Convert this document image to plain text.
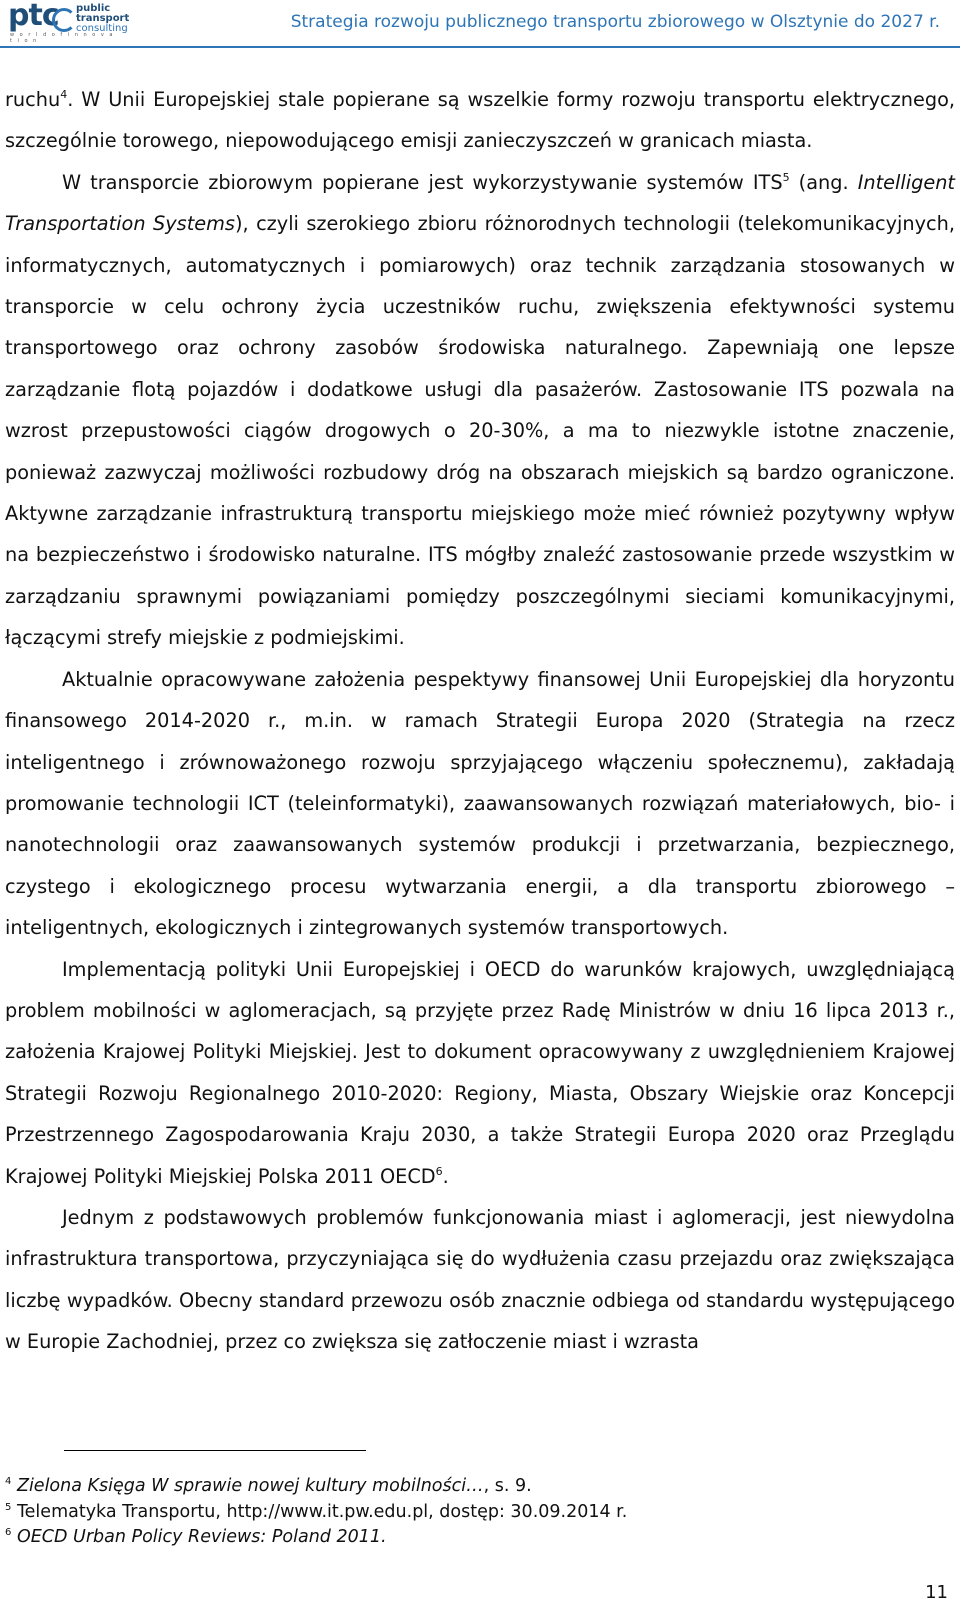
ptc public
transport
consulting
w o r l d o f i n n o v a t i o n
Strategia rozwoju publicznego transportu zbiorowego w Olsztynie do 2027 r.

ruchu$^4$. W Unii Europejskiej stale popierane są wszelkie formy rozwoju transportu elektrycznego, szczególnie torowego, niepowodującego emisji zanieczyszczeń w granicach miasta.

W transporcie zbiorowym popierane jest wykorzystywanie systemów ITS$^5$ (ang. Intelligent Transportation Systems), czyli szerokiego zbioru różnorodnych technologii (telekomunikacyjnych, informatycznych, automatycznych i pomiarowych) oraz technik zarządzania stosowanych w transporcie w celu ochrony życia uczestników ruchu, zwiększenia efektywności systemu transportowego oraz ochrony zasobów środowiska naturalnego. Zapewniają one lepsze zarządzanie flotą pojazdów i dodatkowe usługi dla pasażerów. Zastosowanie ITS pozwala na wzrost przepustowości ciągów drogowych o 20-30%, a ma to niezwykle istotne znaczenie, ponieważ zazwyczaj możliwości rozbudowy dróg na obszarach miejskich są bardzo ograniczone. Aktywne zarządzanie infrastrukturą transportu miejskiego może mieć również pozytywny wpływ na bezpieczeństwo i środowisko naturalne. ITS mógłby znaleźć zastosowanie przede wszystkim w zarządzaniu sprawnymi powiązaniami pomiędzy poszczególnymi sieciami komunikacyjnymi, łączącymi strefy miejskie z podmiejskimi.

Aktualnie opracowywane założenia pespektywy finansowej Unii Europejskiej dla horyzontu finansowego 2014-2020 r., m.in. w ramach Strategii Europa 2020 (Strategia na rzecz inteligentnego i zrównoważonego rozwoju sprzyjającego włączeniu społecznemu), zakładają promowanie technologii ICT (teleinformatyki), zaawansowanych rozwiązań materiałowych, bio- i nanotechnologii oraz zaawansowanych systemów produkcji i przetwarzania, bezpiecznego, czystego i ekologicznego procesu wytwarzania energii, a dla transportu zbiorowego – inteligentnych, ekologicznych i zintegrowanych systemów transportowych.

Implementacją polityki Unii Europejskiej i OECD do warunków krajowych, uwzględniającą problem mobilności w aglomeracjach, są przyjęte przez Radę Ministrów w dniu 16 lipca 2013 r., założenia Krajowej Polityki Miejskiej. Jest to dokument opracowywany z uwzględnieniem Krajowej Strategii Rozwoju Regionalnego 2010-2020: Regiony, Miasta, Obszary Wiejskie oraz Koncepcji Przestrzennego Zagospodarowania Kraju 2030, a także Strategii Europa 2020 oraz Przeglądu Krajowej Polityki Miejskiej Polska 2011 OECD$^6$.

Jednym z podstawowych problemów funkcjonowania miast i aglomeracji, jest niewydolna infrastruktura transportowa, przyczyniająca się do wydłużenia czasu przejazdu oraz zwiększająca liczbę wypadków. Obecny standard przewozu osób znacznie odbiega od standardu występującego w Europie Zachodniej, przez co zwiększa się zatłoczenie miast i wzrasta

$^4$ Zielona Księga W sprawie nowej kultury mobilności…, s. 9.
$^5$ Telematyka Transportu, http://www.it.pw.edu.pl, dostęp: 30.09.2014 r.
$^6$ OECD Urban Policy Reviews: Poland 2011.
11
